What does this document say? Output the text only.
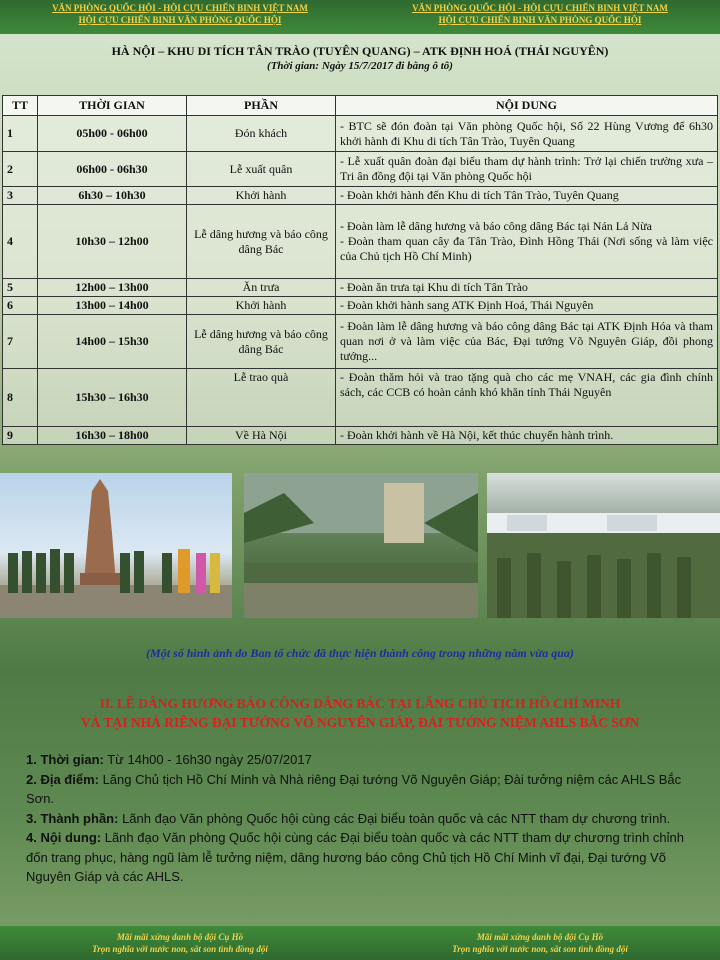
VĂN PHÒNG QUỐC HỘI - HỘI CỰU CHIẾN BINH VIỆT NAM
HỘI CỰU CHIẾN BINH VĂN PHÒNG QUỐC HỘI
VĂN PHÒNG QUỐC HỘI - HỘI CỰU CHIẾN BINH VIỆT NAM
HỘI CỰU CHIẾN BINH VĂN PHÒNG QUỐC HỘI
HÀ NỘI – KHU DI TÍCH TÂN TRÀO (TUYÊN QUANG) – ATK ĐỊNH HOÁ (THÁI NGUYÊN)
(Thời gian: Ngày 15/7/2017 đi bằng ô tô)
TT	THỜI GIAN	PHẦN	NỘI DUNG
1	05h00 - 06h00	Đón khách	- BTC sẽ đón đoàn tại Văn phòng Quốc hội, Số 22 Hùng Vương để 6h30 khởi hành đi Khu di tích Tân Trào, Tuyên Quang
2	06h00 - 06h30	Lễ xuất quân	- Lễ xuất quân đoàn đại biểu tham dự hành trình: Trở lại chiến trường xưa – Tri ân đồng đội tại Văn phòng Quốc hội
3	6h30 – 10h30	Khởi hành	- Đoàn khởi hành đến Khu di tích Tân Trào, Tuyên Quang
4	10h30 – 12h00	Lễ dâng hương và báo công dâng Bác	- Đoàn làm lễ dâng hương và báo công dâng Bác tại Nán Lả Nừa
- Đoàn tham quan cây đa Tân Trào, Đình Hồng Thái (Nơi sống và làm việc của Chủ tịch Hồ Chí Minh)

5	12h00 – 13h00	Ăn trưa	- Đoàn ăn trưa tại Khu di tích Tân Trào
6	13h00 – 14h00	Khởi hành	- Đoàn khởi hành sang ATK Định Hoá, Thái Nguyên
7	14h00 – 15h30	Lễ dâng hương và báo công dâng Bác	- Đoàn làm lễ dâng hương và báo công dâng Bác tại ATK Định Hóa và tham quan nơi ở và làm việc của Bác, Đại tướng Võ Nguyên Giáp, đồi phong tướng...
8	15h30 – 16h30	Lễ trao quà	- Đoàn thăm hỏi và trao tặng quà cho các mẹ VNAH, các gia đình chính sách, các CCB có hoàn cảnh khó khăn tỉnh Thái Nguyên
9	16h30 – 18h00	Về Hà Nội	- Đoàn khởi hành về Hà Nội, kết thúc chuyến hành trình.
(Một số hình ảnh do Ban tổ chức đã thực hiện thành công trong những năm vừa qua)
II. LỄ DÂNG HƯƠNG BÁO CÔNG DÂNG BÁC TẠI LĂNG CHỦ TỊCH HỒ CHÍ MINH
VÀ TẠI NHÀ RIÊNG ĐẠI TƯỚNG VÕ NGUYÊN GIÁP, ĐÀI TƯỞNG NIỆM AHLS BẮC SƠN

1. Thời gian: Từ 14h00 - 16h30 ngày 25/07/2017

2. Địa điểm: Lăng Chủ tịch Hồ Chí Minh và Nhà riêng Đại tướng Võ Nguyên Giáp; Đài tưởng niệm các AHLS Bắc Sơn.

3. Thành phần: Lãnh đạo Văn phòng Quốc hội cùng các Đại biểu toàn quốc và các NTT tham dự chương trình.

4. Nội dung: Lãnh đạo Văn phòng Quốc hội cùng các Đại biểu toàn quốc và các NTT tham dự chương trình chỉnh đốn trang phục, hàng ngũ làm lễ tưởng niệm, dâng hương báo công Chủ tịch Hồ Chí Minh vĩ đại, Đại tướng Võ Nguyên Giáp và các AHLS.

Mãi mãi xứng danh bộ đội Cụ Hồ
Trọn nghĩa với nước non, sắt son tình đồng đội
Mãi mãi xứng danh bộ đội Cụ Hồ
Trọn nghĩa với nước non, sắt son tình đồng đội
